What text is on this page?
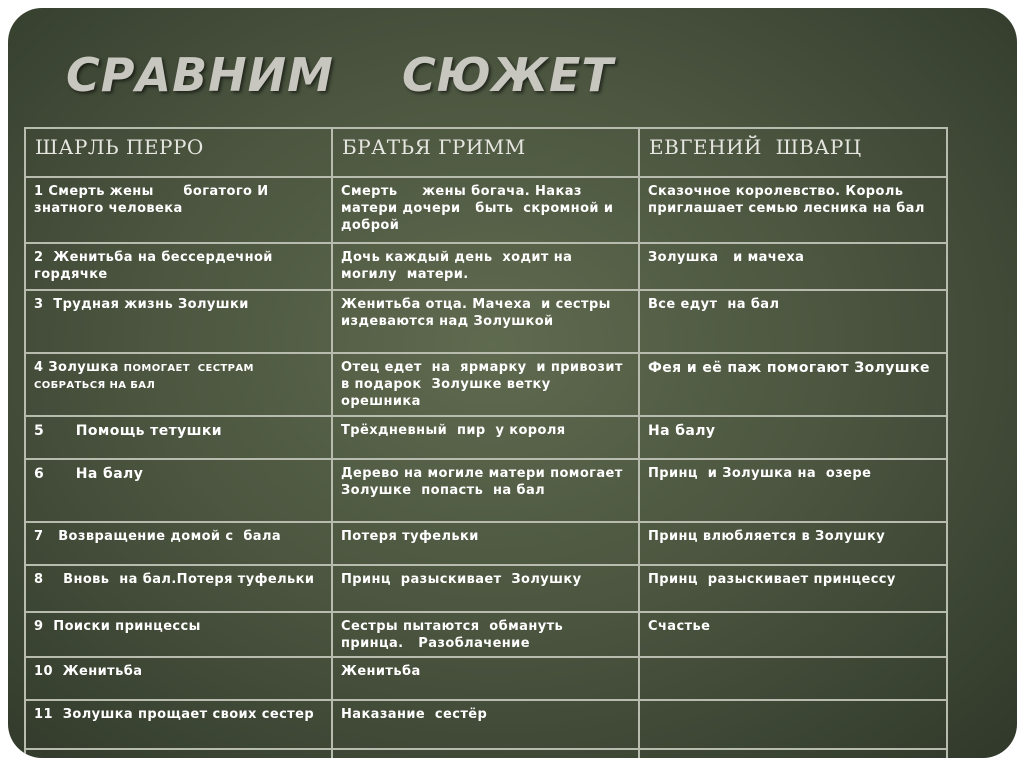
СРАВНИМ    СЮЖЕТ
ШАРЛЬ ПЕРРО	БРАТЬЯ ГРИММ	ЕВГЕНИЙ  ШВАРЦ
1 Смерть жены      богатого И знатного человека	Смерть     жены богача. Наказ матери дочери   быть  скромной и доброй	Сказочное королевство. Король приглашает семью лесника на бал
2  Женитьба на бессердечной гордячке	Дочь каждый день  ходит на могилу  матери.	Золушка   и мачеха
3  Трудная жизнь Золушки	Женитьба отца. Мачеха  и сестры  издеваются над Золушкой	Все едут  на бал
4 Золушка ПОМОГАЕТ  СЕСТРАМ СОБРАТЬСЯ НА БАЛ	Отец едет  на  ярмарку  и привозит  в подарок  Золушке ветку  орешника	Фея и её паж помогают Золушке
5      Помощь тетушки	Трёхдневный  пир  у короля	На балу
6      На балу	Дерево на могиле матери помогает  Золушке  попасть  на бал	Принц  и Золушка на  озере
7   Возвращение домой с  бала	Потеря туфельки	Принц влюбляется в Золушку
8    Вновь  на бал.Потеря туфельки	Принц  разыскивает  Золушку	Принц  разыскивает принцессу
9  Поиски принцессы	Сестры пытаются  обмануть принца.   Разоблачение	Счастье
10  Женитьба	Женитьба	
11  Золушка прощает своих сестер	Наказание  сестёр	
